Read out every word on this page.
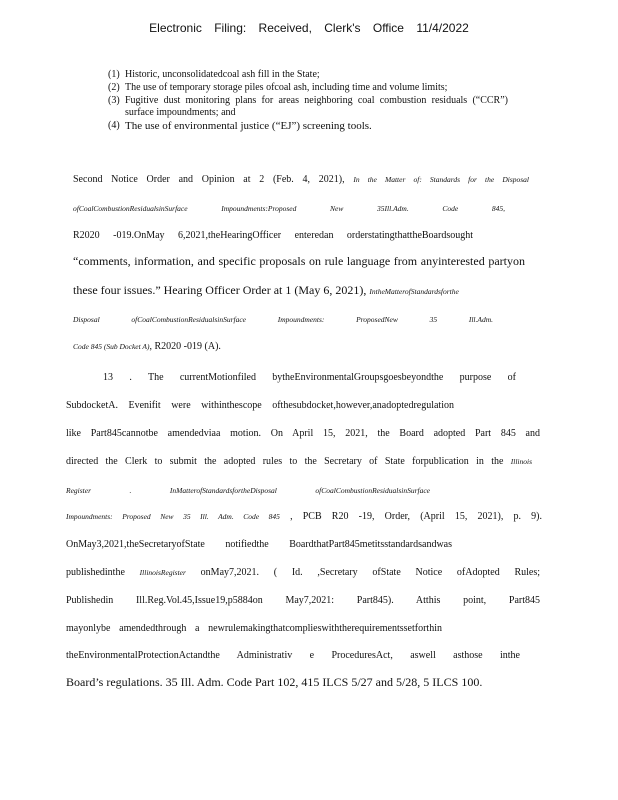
Electronic Filing: Received, Clerk's Office 11/4/2022
(1) Historic, unconsolidatedcoal ash fill in the State;
(2) The use of temporary storage piles ofcoal ash, including time and volume limits;
(3) Fugitive dust monitoring plans for areas neighboring coal combustion residuals (“CCR”) surface impoundments; and
(4) The use of environmental justice (“EJ”) screening tools.
Second Notice Order and Opinion at 2 (Feb. 4, 2021), In the Matter of: Standards for the Disposal
ofCoalCombustionResidualsinSurface Impoundments:Proposed New 35Ill.Adm. Code 845,
R2020 -019.OnMay 6,2021,theHearingOfficer enteredan orderstatingthattheBoardsought
“comments, information, and specific proposals on rule language from anyinterested partyon
these four issues.” Hearing Officer Order at 1 (May 6, 2021), IntheMatterofStandardsforthe
Disposal ofCoalCombustionResidualsinSurface Impoundments: ProposedNew 35 Ill.Adm.
Code 845 (Sub Docket A), R2020 -019 (A).
13 . The currentMotionfiled bytheEnvironmentalGroupsgoesbeyondthe purpose of
SubdocketA. Evenifit were withinthescope ofthesubdocket,however,anadoptedregulation
like Part845cannotbe amendedviaa motion. On April 15, 2021, the Board adopted Part 845 and
directed the Clerk to submit the adopted rules to the Secretary of State forpublication in the Illinois
Register . InMatterofStandardsfortheDisposal ofCoalCombustionResidualsinSurface
Impoundments: Proposed New 35 Ill. Adm. Code 845 , PCB R20 -19, Order, (April 15, 2021), p. 9).
OnMay3,2021,theSecretaryofState notifiedthe BoardthatPart845metitsstandardsandwas
publishedinthe IllinoisRegister onMay7,2021. ( Id. ,Secretary ofState Notice ofAdopted Rules;
Publishedin Ill.Reg.Vol.45,Issue19,p5884on May7,2021: Part845). Atthis point, Part845
mayonlybe amendedthrough a newrulemakingthatcomplieswiththerequirementssetforthin
theEnvironmentalProtectionActandthe Administrativ e ProceduresAct, aswell asthose inthe
Board’s regulations. 35 Ill. Adm. Code Part 102, 415 ILCS 5/27 and 5/28, 5 ILCS 100.
